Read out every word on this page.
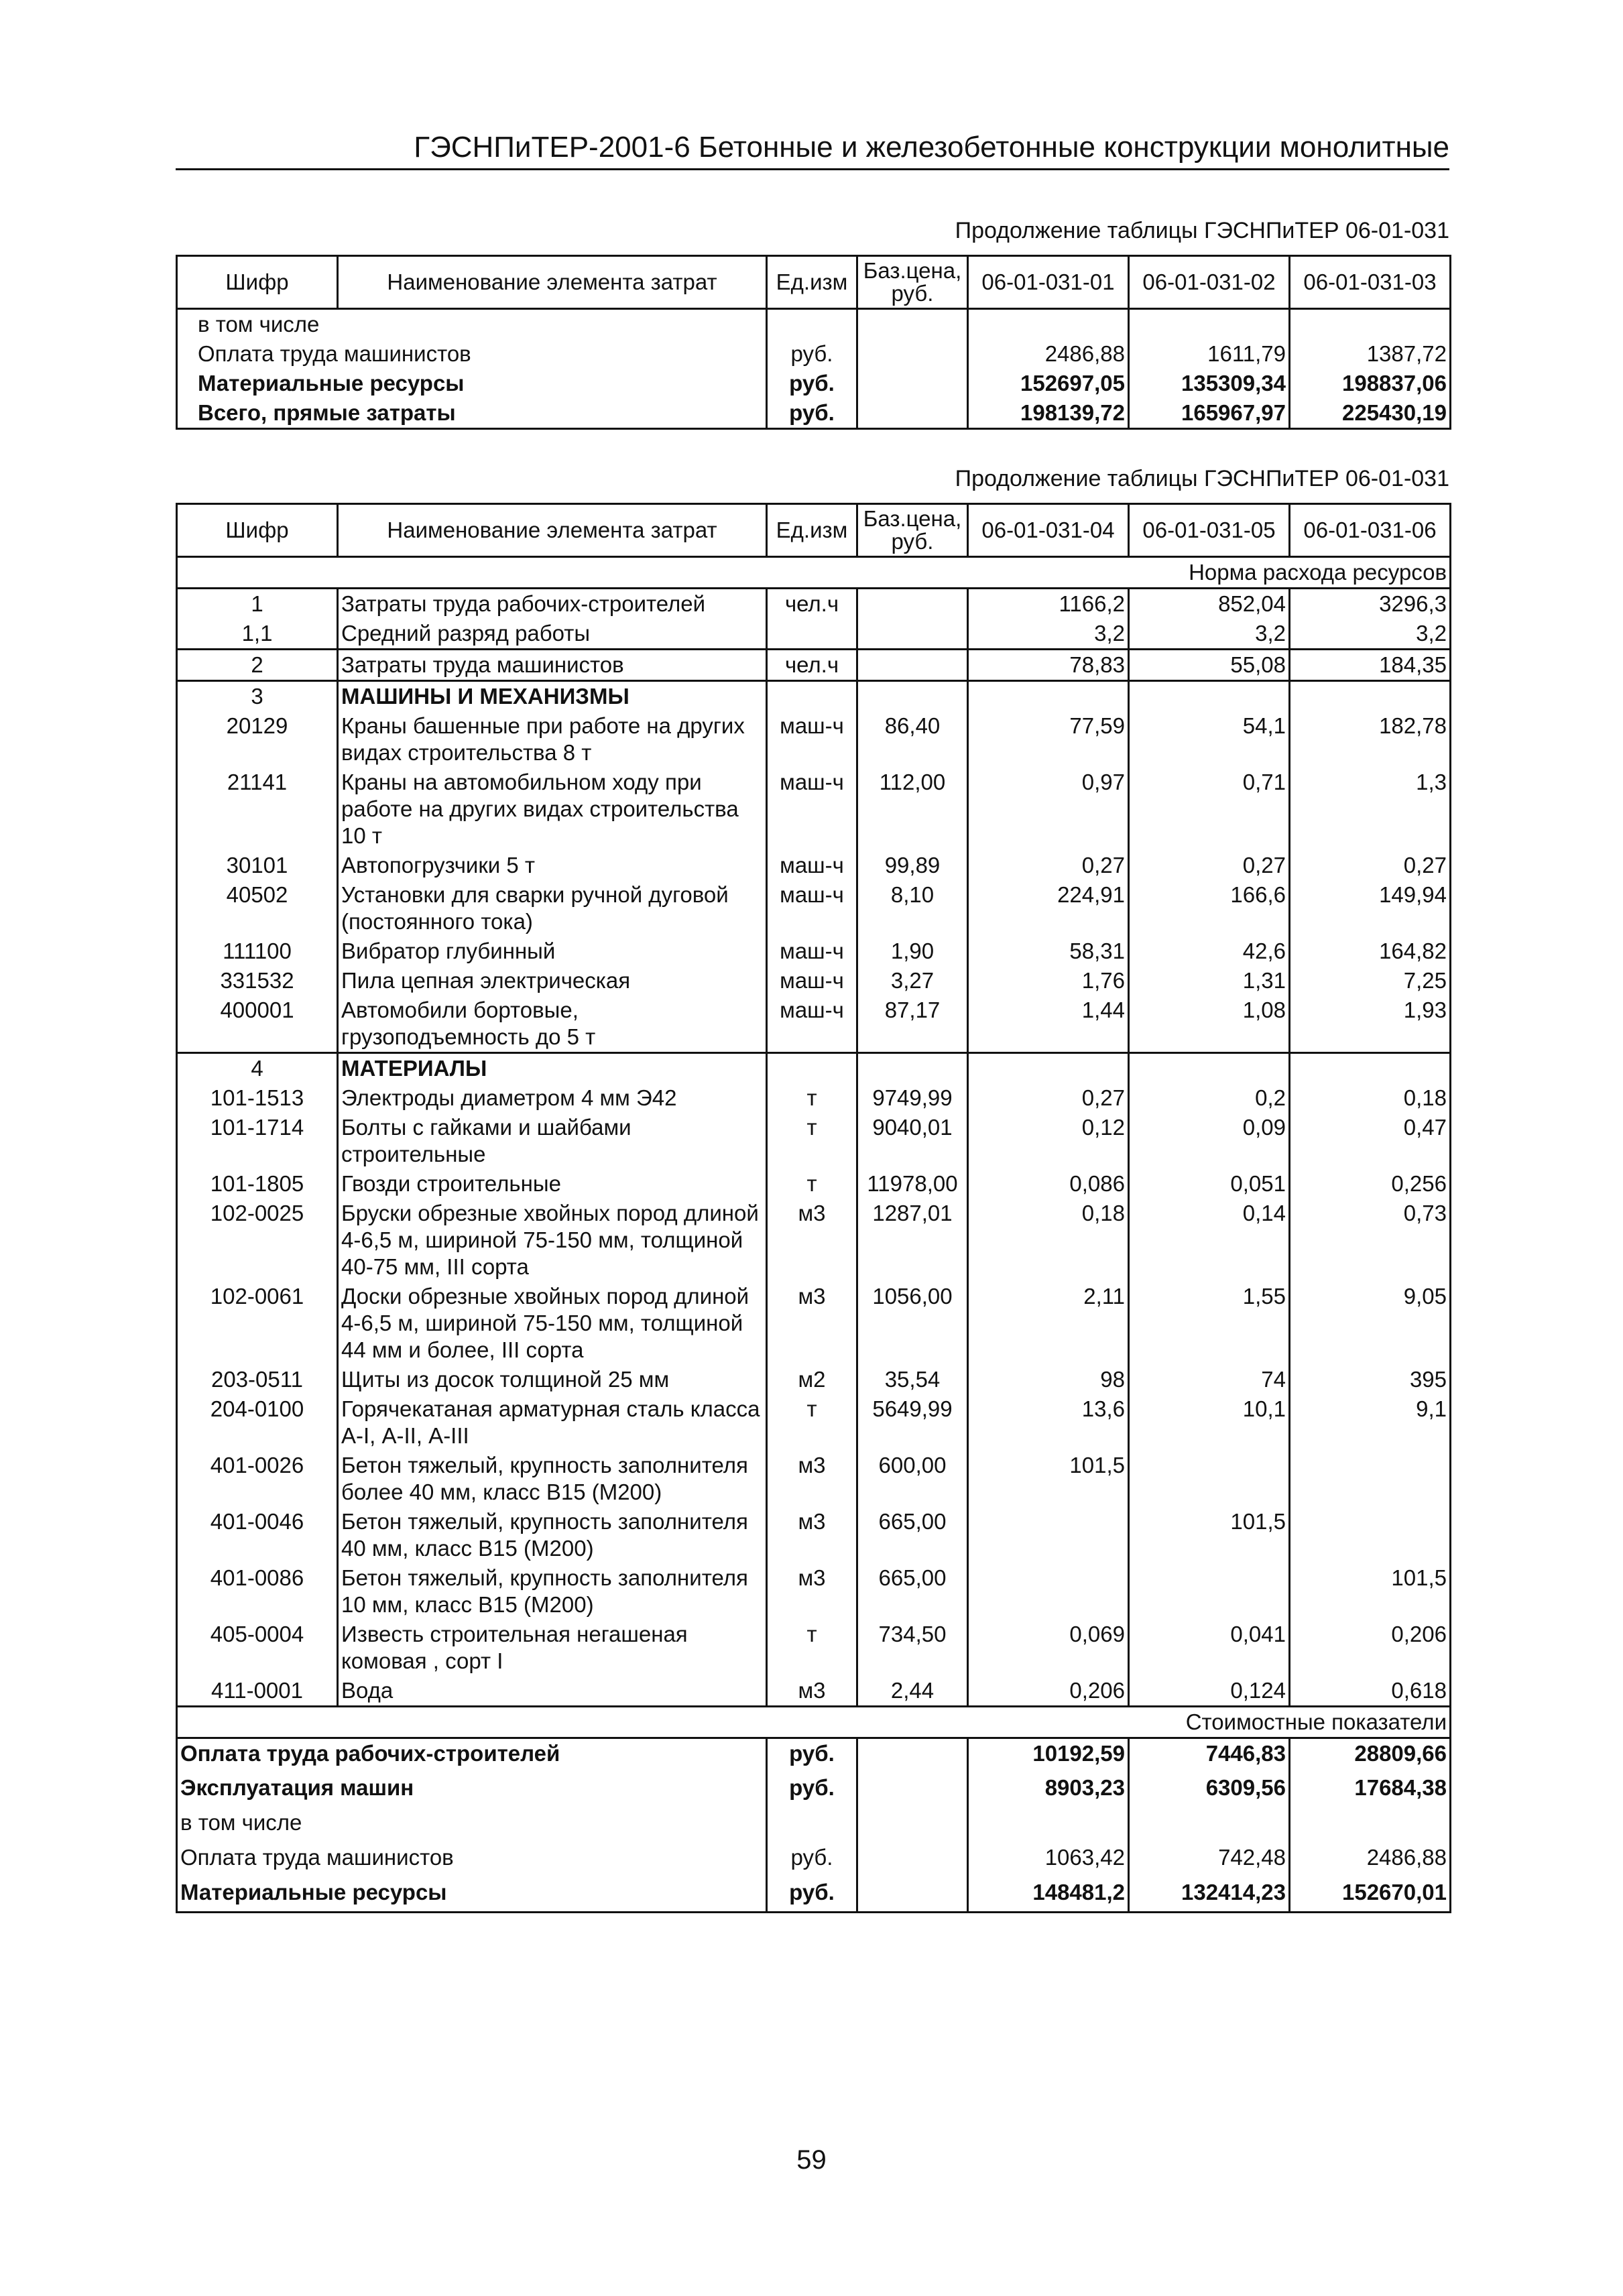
ГЭСНПиТЕР-2001-6 Бетонные и железобетонные конструкции монолитные
Продолжение таблицы ГЭСНПиТЕР 06-01-031
Шифр	Наименование элемента затрат	Ед.изм	Баз.цена, руб.	06-01-031-01	06-01-031-02	06-01-031-03
в том числе						
Оплата труда машинистов		руб.		2486,88	1611,79	1387,72
Материальные ресурсы		руб.		152697,05	135309,34	198837,06
Всего, прямые затраты		руб.		198139,72	165967,97	225430,19
Продолжение таблицы ГЭСНПиТЕР 06-01-031
Шифр	Наименование элемента затрат	Ед.изм	Баз.цена, руб.	06-01-031-04	06-01-031-05	06-01-031-06
Норма расхода ресурсов						
1	Затраты труда рабочих-строителей	чел.ч		1166,2	852,04	3296,3
1,1	Средний разряд работы			3,2	3,2	3,2
2	Затраты труда машинистов	чел.ч		78,83	55,08	184,35
3	МАШИНЫ И МЕХАНИЗМЫ					
20129	Краны башенные при работе на других видах строительства 8 т	маш-ч	86,40	77,59	54,1	182,78
21141	Краны на автомобильном ходу при работе на других видах строительства 10 т	маш-ч	112,00	0,97	0,71	1,3
30101	Автопогрузчики 5 т	маш-ч	99,89	0,27	0,27	0,27
40502	Установки для сварки ручной дуговой (постоянного тока)	маш-ч	8,10	224,91	166,6	149,94
111100	Вибратор глубинный	маш-ч	1,90	58,31	42,6	164,82
331532	Пила цепная электрическая	маш-ч	3,27	1,76	1,31	7,25
400001	Автомобили бортовые, грузоподъемность до 5 т	маш-ч	87,17	1,44	1,08	1,93
4	МАТЕРИАЛЫ					
101-1513	Электроды диаметром 4 мм Э42	т	9749,99	0,27	0,2	0,18
101-1714	Болты с гайками и шайбами строительные	т	9040,01	0,12	0,09	0,47
101-1805	Гвозди строительные	т	11978,00	0,086	0,051	0,256
102-0025	Бруски обрезные хвойных пород длиной 4-6,5 м, шириной 75-150 мм, толщиной 40-75 мм, III сорта	м3	1287,01	0,18	0,14	0,73
102-0061	Доски обрезные хвойных пород длиной 4-6,5 м, шириной 75-150 мм, толщиной 44 мм и более, III сорта	м3	1056,00	2,11	1,55	9,05
203-0511	Щиты из досок толщиной 25 мм	м2	35,54	98	74	395
204-0100	Горячекатаная арматурная сталь класса А-I, А-II, А-III	т	5649,99	13,6	10,1	9,1
401-0026	Бетон тяжелый, крупность заполнителя более 40 мм, класс В15 (М200)	м3	600,00	101,5		
401-0046	Бетон тяжелый, крупность заполнителя 40 мм, класс В15 (М200)	м3	665,00		101,5	
401-0086	Бетон тяжелый, крупность заполнителя 10 мм, класс В15 (М200)	м3	665,00			101,5
405-0004	Известь строительная негашеная комовая , сорт I	т	734,50	0,069	0,041	0,206
411-0001	Вода	м3	2,44	0,206	0,124	0,618
Стоимостные показатели						
Оплата труда рабочих-строителей		руб.		10192,59	7446,83	28809,66
Эксплуатация машин		руб.		8903,23	6309,56	17684,38
в том числе						
Оплата труда машинистов		руб.		1063,42	742,48	2486,88
Материальные ресурсы		руб.		148481,2	132414,23	152670,01
59
